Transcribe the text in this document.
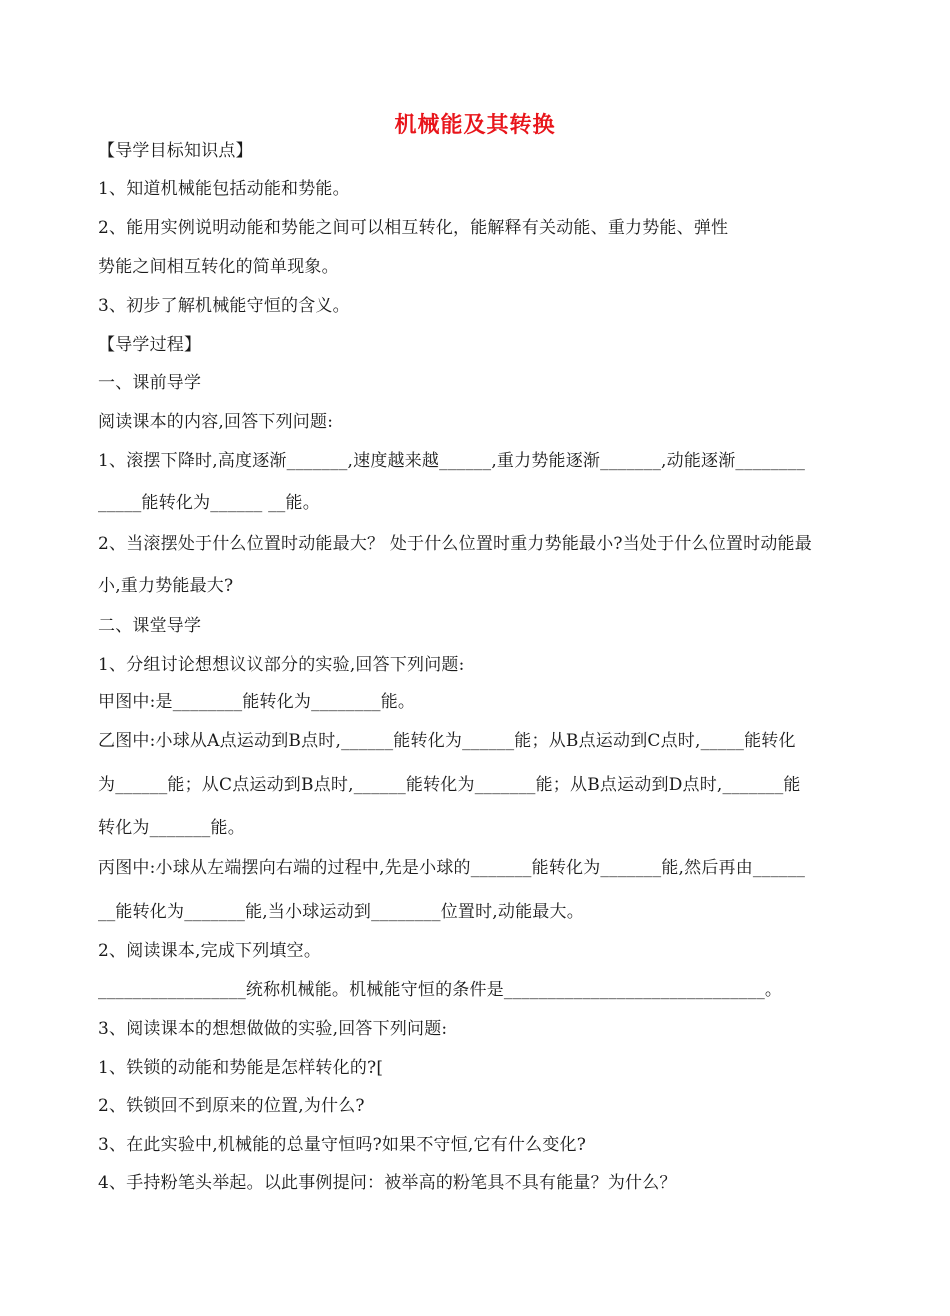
机械能及其转换
【导学目标知识点】
1、知道机械能包括动能和势能。
2、能用实例说明动能和势能之间可以相互转化，能解释有关动能、重力势能、弹性
势能之间相互转化的简单现象。
3、初步了解机械能守恒的含义。
【导学过程】
一、课前导学
阅读课本的内容,回答下列问题:
1、滚摆下降时,高度逐渐_______,速度越来越______,重力势能逐渐_______,动能逐渐________
_____能转化为______ __能。
2、当滚摆处于什么位置时动能最大？ 处于什么位置时重力势能最小?当处于什么位置时动能最
小,重力势能最大?
二、课堂导学
1、分组讨论想想议议部分的实验,回答下列问题:
甲图中:是________能转化为________能。
乙图中:小球从A点运动到B点时,______能转化为______能；从B点运动到C点时,_____能转化
为______能；从C点运动到B点时,______能转化为_______能；从B点运动到D点时,_______能
转化为_______能。
丙图中:小球从左端摆向右端的过程中,先是小球的_______能转化为_______能,然后再由______
__能转化为_______能,当小球运动到________位置时,动能最大。
2、阅读课本,完成下列填空。
_________________统称机械能。机械能守恒的条件是______________________________。
3、阅读课本的想想做做的实验,回答下列问题:
1、铁锁的动能和势能是怎样转化的?[
2、铁锁回不到原来的位置,为什么?
3、在此实验中,机械能的总量守恒吗?如果不守恒,它有什么变化?
4、手持粉笔头举起。以此事例提问：被举高的粉笔具不具有能量？为什么？
